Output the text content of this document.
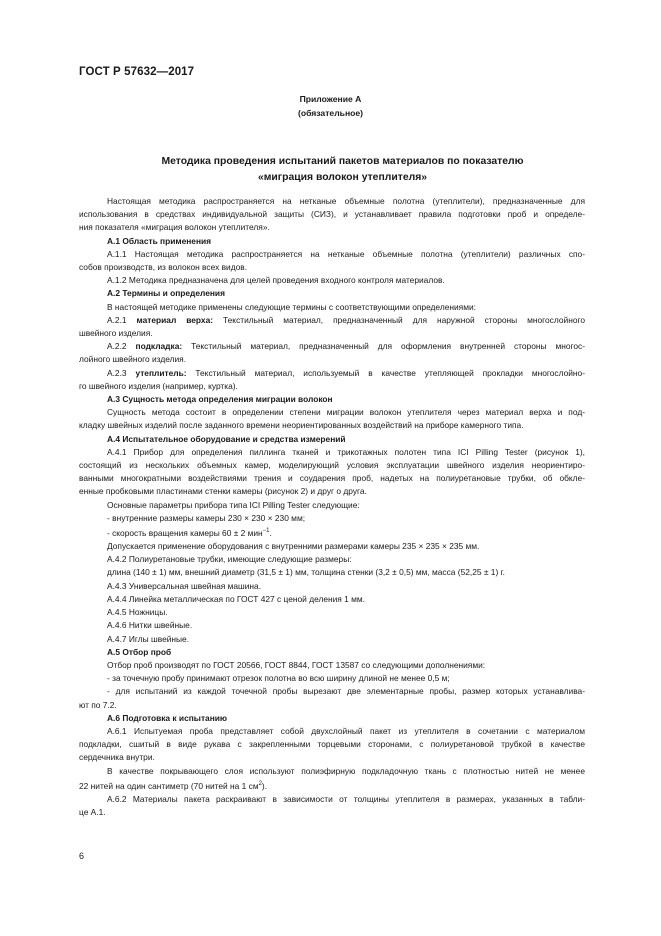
ГОСТ Р 57632—2017
Приложение А
(обязательное)
Методика проведения испытаний пакетов материалов по показателю
«миграция волокон утеплителя»

Настоящая методика распространяется на нетканые объемные полотна (утеплители), предназначенные для

использования в средствах индивидуальной защиты (СИЗ), и устанавливает правила подготовки проб и определе-

ния показателя «миграция волокон утеплителя».

А.1 Область применения

А.1.1 Настоящая методика распространяется на нетканые объемные полотна (утеплители) различных спо-

собов производств, из волокон всех видов.

А.1.2 Методика предназначена для целей проведения входного контроля материалов.

А.2 Термины и определения

В настоящей методике применены следующие термины с соответствующими определениями:

А.2.1 материал верха: Текстильный материал, предназначенный для наружной стороны многослойного

швейного изделия.

А.2.2 подкладка: Текстильный материал, предназначенный для оформления внутренней стороны многос-

лойного швейного изделия.

А.2.3 утеплитель: Текстильный материал, используемый в качестве утепляющей прокладки многослойно-

го швейного изделия (например, куртка).

А.3 Сущность метода определения миграции волокон

Сущность метода состоит в определении степени миграции волокон утеплителя через материал верха и под-

кладку швейных изделий после заданного времени неориентированных воздействий на приборе камерного типа.

А.4 Испытательное оборудование и средства измерений

А.4.1 Прибор для определения пиллинга тканей и трикотажных полотен типа ICI Pilling Tester (рисунок 1),

состоящий из нескольких объемных камер, моделирующий условия эксплуатации швейного изделия неориентиро-

ванными многократными воздействиями трения и соударения проб, надетых на полиуретановые трубки, об обкле-

енные пробковыми пластинами стенки камеры (рисунок 2) и друг о друга.

Основные параметры прибора типа ICI Pilling Tester следующие:

- внутренние размеры камеры 230 × 230 × 230 мм;

- скорость вращения камеры 60 ± 2 мин$^{-1}$.

Допускается применение оборудования с внутренними размерами камеры 235 × 235 × 235 мм.

А.4.2 Полиуретановые трубки, имеющие следующие размеры:

длина (140 ± 1) мм, внешний диаметр (31,5 ± 1) мм, толщина стенки (3,2 ± 0,5) мм, масса (52,25 ± 1) г.

А.4.3 Универсальная швейная машина.

А.4.4 Линейка металлическая по ГОСТ 427 с ценой деления 1 мм.

А.4.5 Ножницы.

А.4.6 Нитки швейные.

А.4.7 Иглы швейные.

А.5 Отбор проб

Отбор проб производят по ГОСТ 20566, ГОСТ 8844, ГОСТ 13587 со следующими дополнениями:

- за точечную пробу принимают отрезок полотна во всю ширину длиной не менее 0,5 м;

- для испытаний из каждой точечной пробы вырезают две элементарные пробы, размер которых устанавлива-

ют по 7.2.

А.6 Подготовка к испытанию

А.6.1 Испытуемая проба представляет собой двухслойный пакет из утеплителя в сочетании с материалом

подкладки, сшитый в виде рукава с закрепленными торцевыми сторонами, с полиуретановой трубкой в качестве

сердечника внутри.

В качестве покрывающего слоя используют полиэфирную подкладочную ткань с плотностью нитей не менее

22 нитей на один сантиметр (70 нитей на 1 $см^2$).

А.6.2 Материалы пакета раскраивают в зависимости от толщины утеплителя в размерах, указанных в табли-

це А.1.

6
